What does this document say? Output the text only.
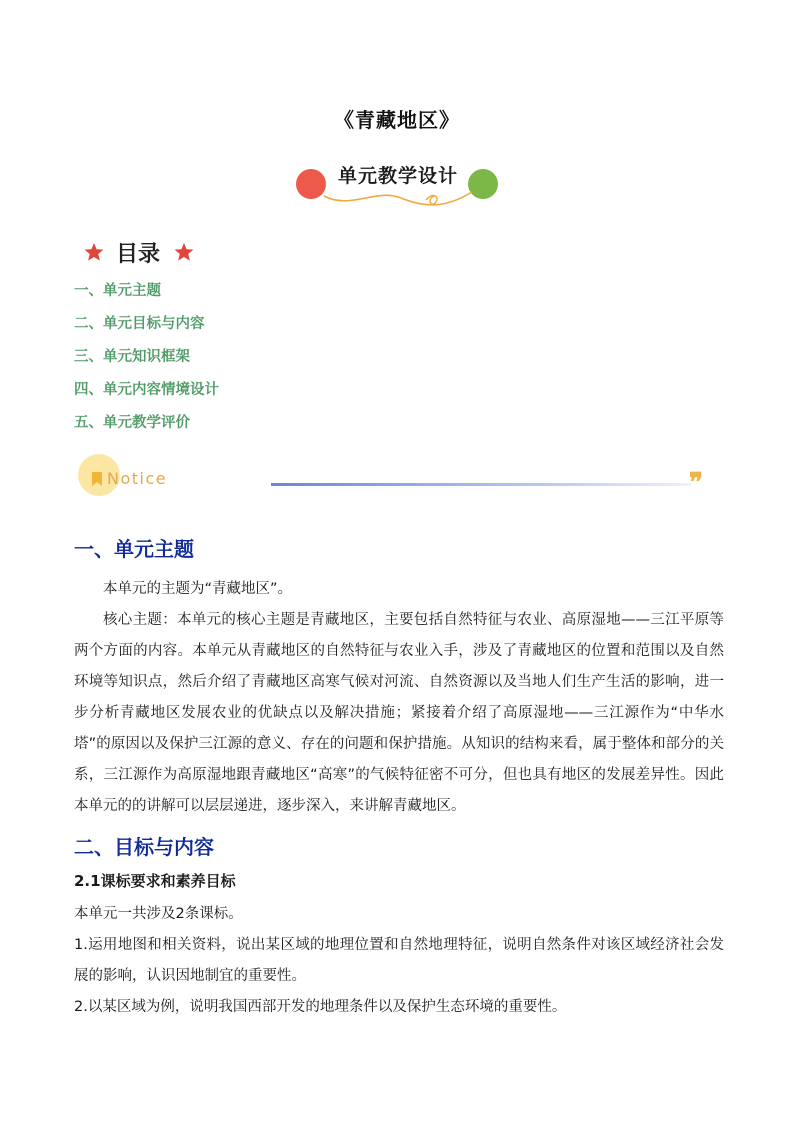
《青藏地区》
单元教学设计
目录
一、单元主题
二、单元目标与内容
三、单元知识框架
四、单元内容情境设计
五、单元教学评价
Notice	❞
一、单元主题

本单元的主题为“青藏地区”。

核心主题：本单元的核心主题是青藏地区，主要包括自然特征与农业、高原湿地——三江平原等两个方面的内容。本单元从青藏地区的自然特征与农业入手，涉及了青藏地区的位置和范围以及自然环境等知识点，然后介绍了青藏地区高寒气候对河流、自然资源以及当地人们生产生活的影响，进一步分析青藏地区发展农业的优缺点以及解决措施；紧接着介绍了高原湿地——三江源作为“中华水塔”的原因以及保护三江源的意义、存在的问题和保护措施。从知识的结构来看，属于整体和部分的关系，三江源作为高原湿地跟青藏地区“高寒”的气候特征密不可分，但也具有地区的发展差异性。因此本单元的的讲解可以层层递进，逐步深入，来讲解青藏地区。

二、目标与内容
2.1课标要求和素养目标

本单元一共涉及2条课标。

1.运用地图和相关资料，说出某区域的地理位置和自然地理特征，说明自然条件对该区域经济社会发展的影响，认识因地制宜的重要性。

2.以某区域为例，说明我国西部开发的地理条件以及保护生态环境的重要性。
